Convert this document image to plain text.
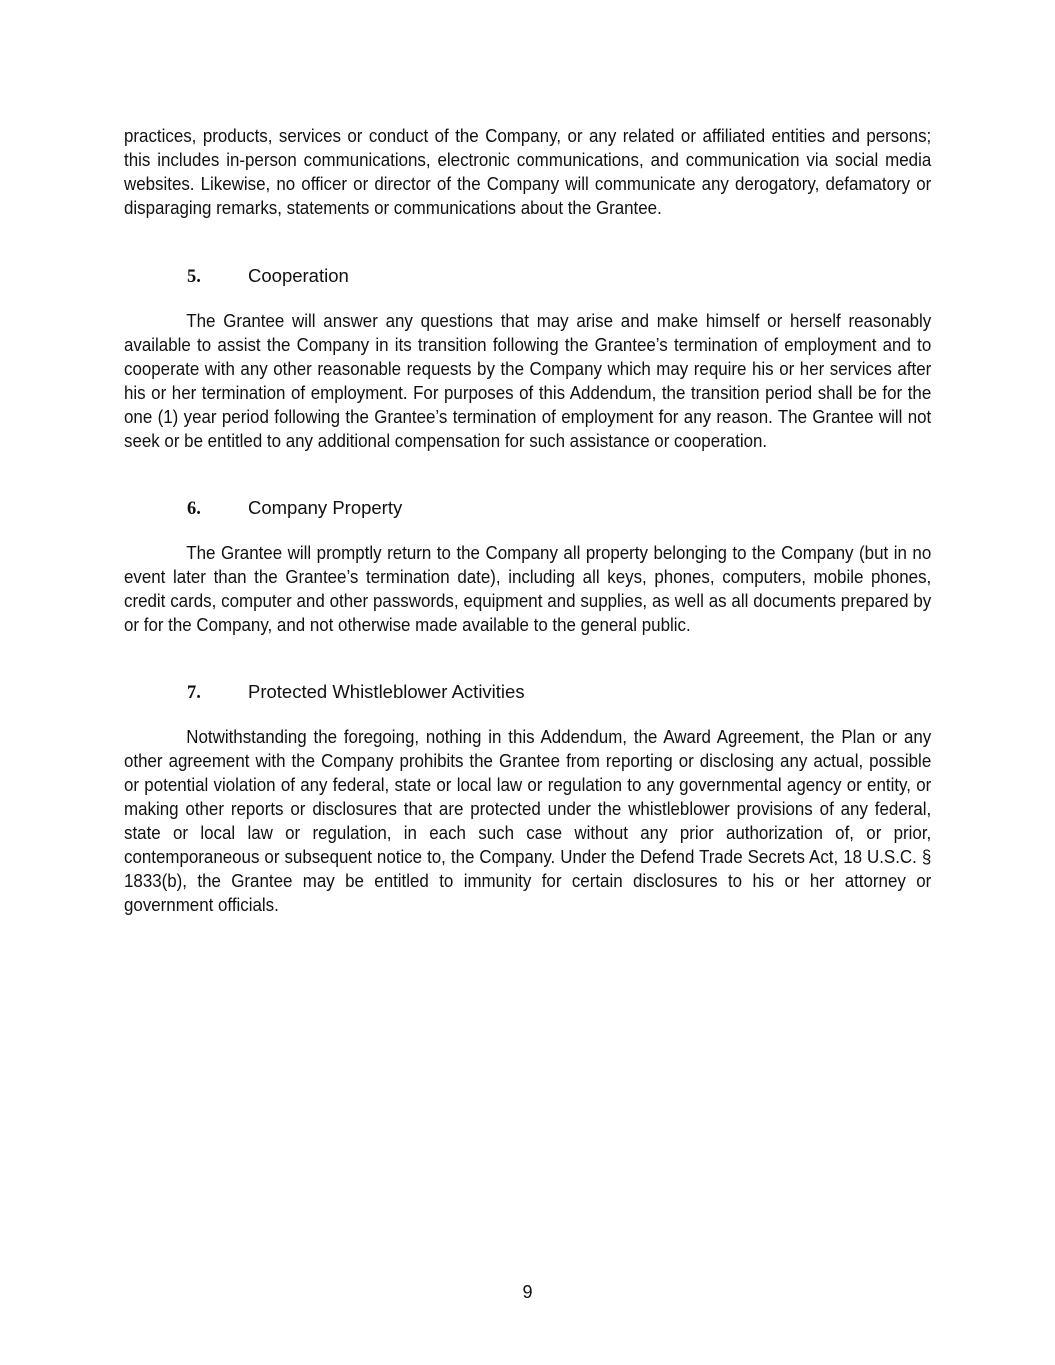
practices, products, services or conduct of the Company, or any related or affiliated entities and persons; this includes in-person communications, electronic communications, and communication via social media websites. Likewise, no officer or director of the Company will communicate any derogatory, defamatory or disparaging remarks, statements or communications about the Grantee.

5.	Cooperation

The Grantee will answer any questions that may arise and make himself or herself reasonably available to assist the Company in its transition following the Grantee’s termination of employment and to cooperate with any other reasonable requests by the Company which may require his or her services after his or her termination of employment. For purposes of this Addendum, the transition period shall be for the one (1) year period following the Grantee’s termination of employment for any reason. The Grantee will not seek or be entitled to any additional compensation for such assistance or cooperation.

6.	Company Property

The Grantee will promptly return to the Company all property belonging to the Company (but in no event later than the Grantee’s termination date), including all keys, phones, computers, mobile phones, credit cards, computer and other passwords, equipment and supplies, as well as all documents prepared by or for the Company, and not otherwise made available to the general public.

7.	Protected Whistleblower Activities

Notwithstanding the foregoing, nothing in this Addendum, the Award Agreement, the Plan or any other agreement with the Company prohibits the Grantee from reporting or disclosing any actual, possible or potential violation of any federal, state or local law or regulation to any governmental agency or entity, or making other reports or disclosures that are protected under the whistleblower provisions of any federal, state or local law or regulation, in each such case without any prior authorization of, or prior, contemporaneous or subsequent notice to, the Company. Under the Defend Trade Secrets Act, 18 U.S.C. § 1833(b), the Grantee may be entitled to immunity for certain disclosures to his or her attorney or government officials.

9
